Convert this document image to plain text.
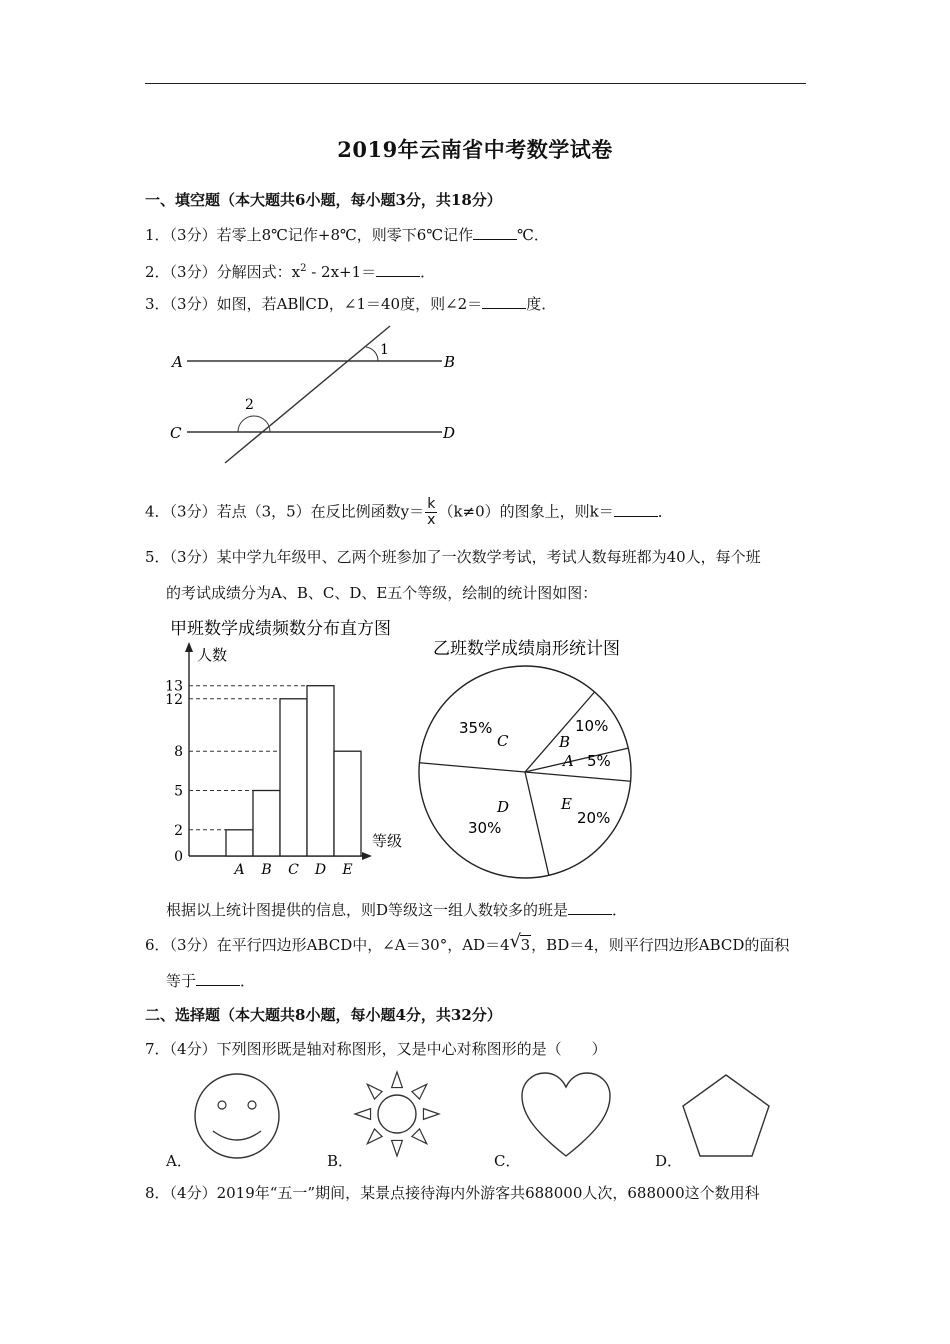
2019年云南省中考数学试卷
一、填空题（本大题共6小题，每小题3分，共18分）
1．（3分）若零上8℃记作+8℃，则零下6℃记作	℃．
2．（3分）分解因式：$x^2 - 2x+1=$	．
3．（3分）如图，若AB∥CD，∠1＝40度，则∠2＝	度．
A	B
C	D
1
2
4．（3分）若点（3，5）在反比例函数$y= \frac{k}{x} (k\ne 0)$的图象上，则k＝	．
5．（3分）某中学九年级甲、乙两个班参加了一次数学考试，考试人数每班都为40人，每个班
的考试成绩分为A、B、C、D、E五个等级，绘制的统计图如图：
甲班数学成绩频数分布直方图
人数
等级
0
2
5
8
12
13
A B C D E
乙班数学成绩扇形统计图
A 5%
B
10%
C
35%
D
30%
E
20%
根据以上统计图提供的信息，则D等级这一组人数较多的班是	．
6．（3分）在平行四边形ABCD中，∠A＝30°，AD＝4 √ 3，BD＝4，则平行四边形ABCD的面积
等于	．
二、选择题（本大题共8小题，每小题4分，共32分）
7．（4分）下列图形既是轴对称图形，又是中心对称图形的是（　　）
A．	B．	C．	D．
8．（4分）2019年“五一”期间，某景点接待海内外游客共688000人次，688000这个数用科
